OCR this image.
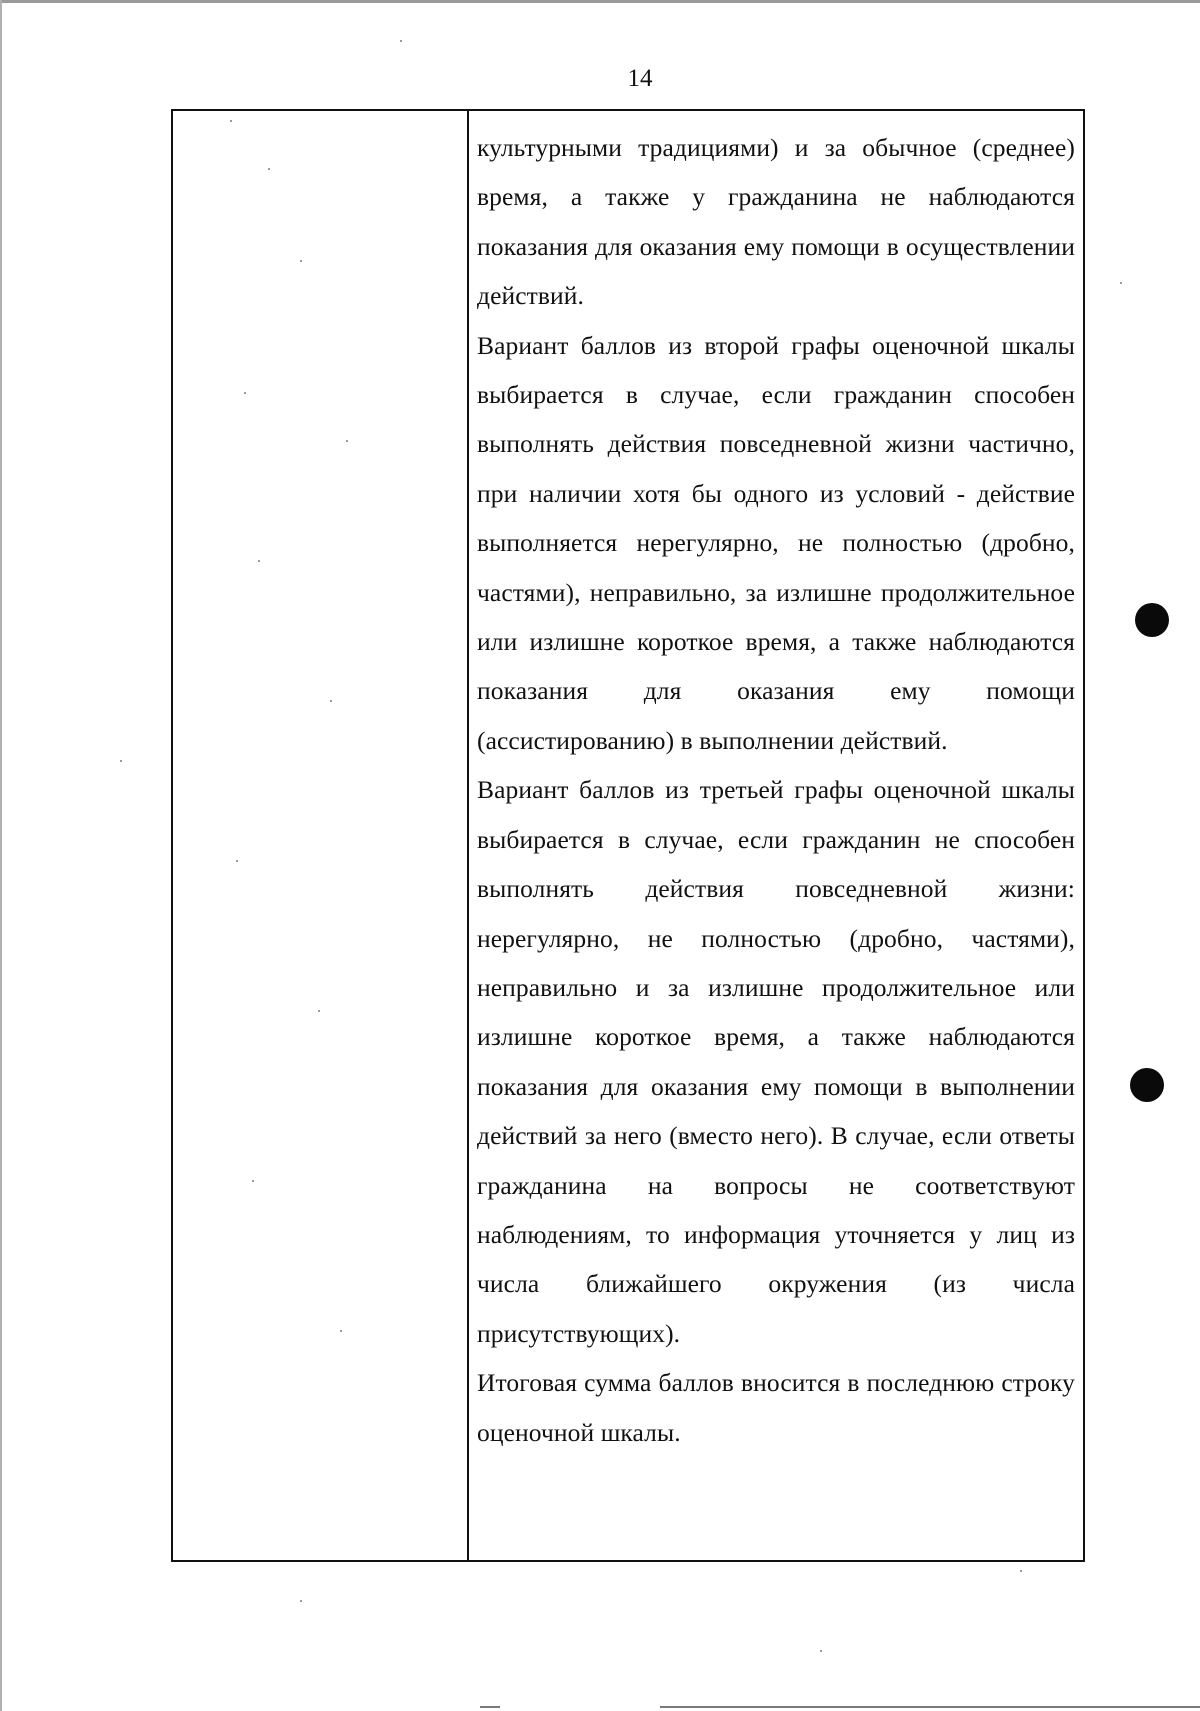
14

культурными традициями) и за обычное (среднее) время, а также у гражданина не наблюдаются показания для оказания ему помощи в осуществлении действий.

Вариант баллов из второй графы оценочной шкалы выбирается в случае, если гражданин способен выполнять действия повседневной жизни частично, при наличии хотя бы одного из условий - действие выполняется нерегулярно, не полностью (дробно, частями), неправильно, за излишне продолжительное или излишне короткое время, а также наблюдаются показания для оказания ему помощи (ассистированию) в выполнении действий.

Вариант баллов из третьей графы оценочной шкалы выбирается в случае, если гражданин не способен выполнять действия повседневной жизни: нерегулярно, не полностью (дробно, частями), неправильно и за излишне продолжительное или излишне короткое время, а также наблюдаются показания для оказания ему помощи в выполнении действий за него (вместо него). В случае, если ответы гражданина на вопросы не соответствуют наблюдениям, то информация уточняется у лиц из числа ближайшего окружения (из числа присутствующих).

Итоговая сумма баллов вносится в последнюю строку оценочной шкалы.
